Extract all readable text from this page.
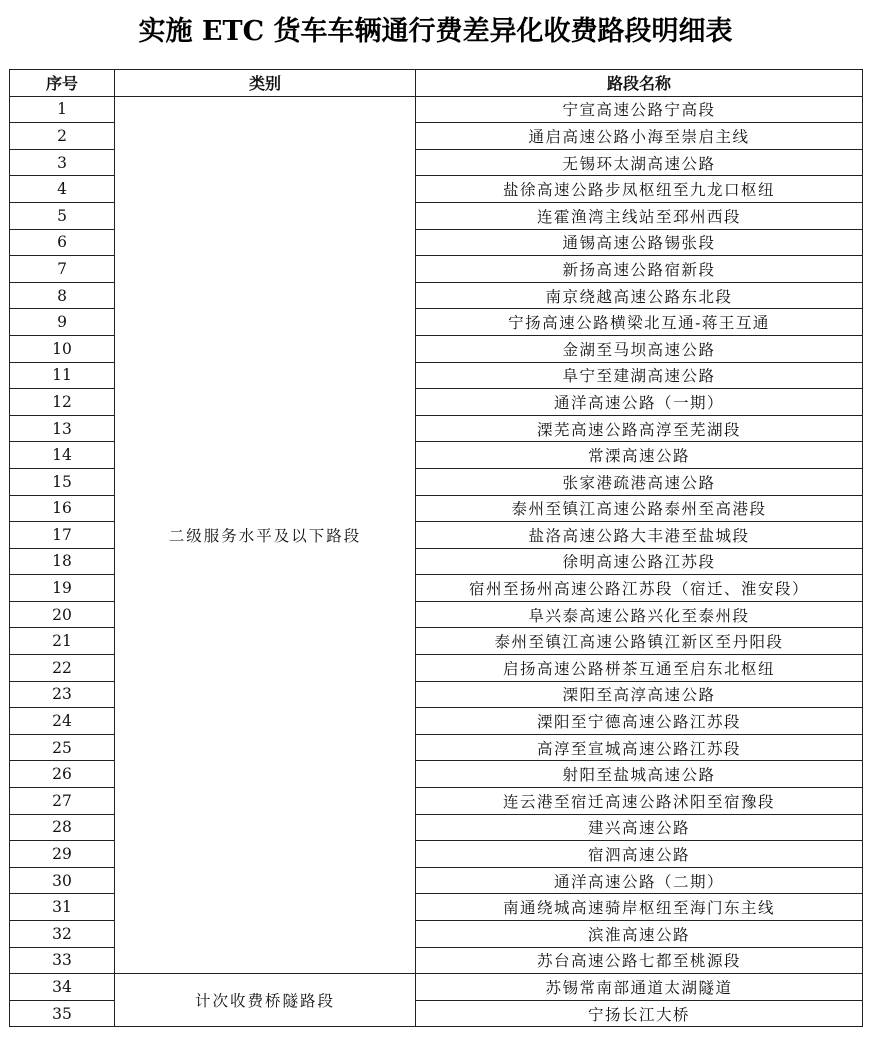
实施 ETC 货车车辆通行费差异化收费路段明细表
序号	类别	路段名称
1	二级服务水平及以下路段	宁宣高速公路宁高段
2		通启高速公路小海至崇启主线
3		无锡环太湖高速公路
4		盐徐高速公路步凤枢纽至九龙口枢纽
5		连霍渔湾主线站至邳州西段
6		通锡高速公路锡张段
7		新扬高速公路宿新段
8		南京绕越高速公路东北段
9		宁扬高速公路横梁北互通-蒋王互通
10		金湖至马坝高速公路
11		阜宁至建湖高速公路
12		通洋高速公路（一期）
13		溧芜高速公路高淳至芜湖段
14		常溧高速公路
15		张家港疏港高速公路
16		泰州至镇江高速公路泰州至高港段
17		盐洛高速公路大丰港至盐城段
18		徐明高速公路江苏段
19		宿州至扬州高速公路江苏段（宿迁、淮安段）
20		阜兴泰高速公路兴化至泰州段
21		泰州至镇江高速公路镇江新区至丹阳段
22		启扬高速公路栟茶互通至启东北枢纽
23		溧阳至高淳高速公路
24		溧阳至宁德高速公路江苏段
25		高淳至宣城高速公路江苏段
26		射阳至盐城高速公路
27		连云港至宿迁高速公路沭阳至宿豫段
28		建兴高速公路
29		宿泗高速公路
30		通洋高速公路（二期）
31		南通绕城高速骑岸枢纽至海门东主线
32		滨淮高速公路
33		苏台高速公路七都至桃源段
34	计次收费桥隧路段	苏锡常南部通道太湖隧道
35		宁扬长江大桥
